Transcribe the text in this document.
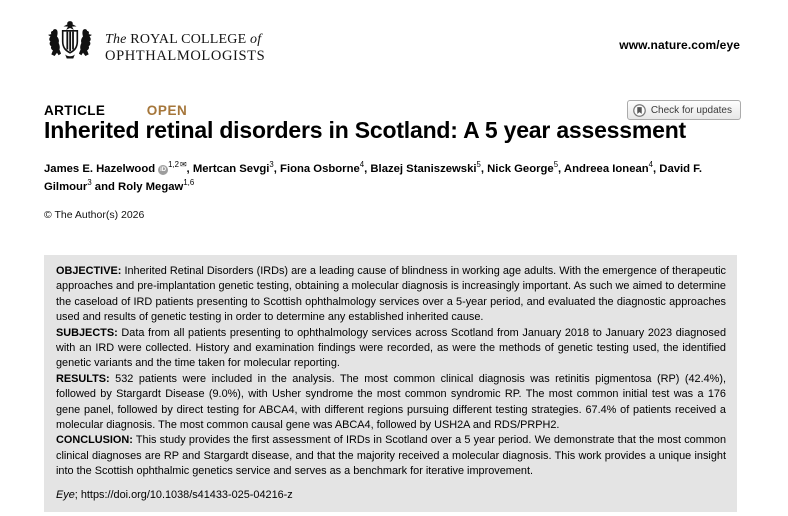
The ROYAL COLLEGE of
OPHTHALMOLOGISTS
www.nature.com/eye
ARTICLE	OPEN	Check for updates
Inherited retinal disorders in Scotland: A 5 year assessment
James E. Hazelwood $iD^{1,2✉}$, Mertcan Sevgi$^3$, Fiona Osborne$^4$, Blazej Staniszewski$^5$, Nick George$^5$, Andreea Ionean$^4$, David F. Gilmour$^3$ and Roly Megaw$^{1,6}$
© The Author(s) 2026

OBJECTIVE: Inherited Retinal Disorders (IRDs) are a leading cause of blindness in working age adults. With the emergence of therapeutic approaches and pre-implantation genetic testing, obtaining a molecular diagnosis is increasingly important. As such we aimed to determine the caseload of IRD patients presenting to Scottish ophthalmology services over a 5-year period, and evaluated the diagnostic approaches used and results of genetic testing in order to determine any established inherited cause.

SUBJECTS: Data from all patients presenting to ophthalmology services across Scotland from January 2018 to January 2023 diagnosed with an IRD were collected. History and examination findings were recorded, as were the methods of genetic testing used, the identified genetic variants and the time taken for molecular reporting.

RESULTS: 532 patients were included in the analysis. The most common clinical diagnosis was retinitis pigmentosa (RP) (42.4%), followed by Stargardt Disease (9.0%), with Usher syndrome the most common syndromic RP. The most common initial test was a 176 gene panel, followed by direct testing for ABCA4, with different regions pursuing different testing strategies. 67.4% of patients received a molecular diagnosis. The most common causal gene was ABCA4, followed by USH2A and RDS/PRPH2.

CONCLUSION: This study provides the first assessment of IRDs in Scotland over a 5 year period. We demonstrate that the most common clinical diagnoses are RP and Stargardt disease, and that the majority received a molecular diagnosis. This work provides a unique insight into the Scottish ophthalmic genetics service and serves as a benchmark for iterative improvement.

Eye; https://doi.org/10.1038/s41433-025-04216-z
